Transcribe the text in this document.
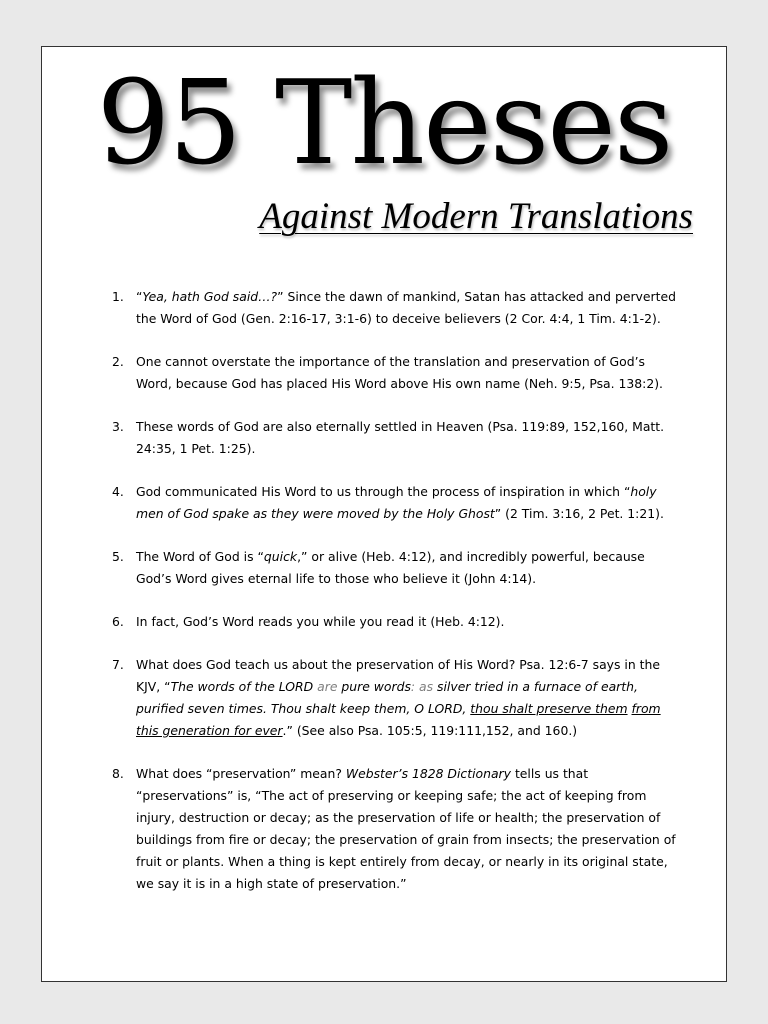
95 Theses
Against Modern Translations
1. “Yea, hath God said…?” Since the dawn of mankind, Satan has attacked and perverted the Word of God (Gen. 2:16-17, 3:1-6) to deceive believers (2 Cor. 4:4, 1 Tim. 4:1-2).
2. One cannot overstate the importance of the translation and preservation of God’s Word, because God has placed His Word above His own name (Neh. 9:5, Psa. 138:2).
3. These words of God are also eternally settled in Heaven (Psa. 119:89, 152,160, Matt. 24:35, 1 Pet. 1:25).
4. God communicated His Word to us through the process of inspiration in which “holy men of God spake as they were moved by the Holy Ghost” (2 Tim. 3:16, 2 Pet. 1:21).
5. The Word of God is “quick,” or alive (Heb. 4:12), and incredibly powerful, because God’s Word gives eternal life to those who believe it (John 4:14).
6. In fact, God’s Word reads you while you read it (Heb. 4:12).
7. What does God teach us about the preservation of His Word? Psa. 12:6-7 says in the KJV, “The words of the LORD are pure words: as silver tried in a furnace of earth, purified seven times. Thou shalt keep them, O LORD, thou shalt preserve them from this generation for ever.” (See also Psa. 105:5, 119:111,152, and 160.)
8. What does “preservation” mean? Webster’s 1828 Dictionary tells us that “preservations” is, “The act of preserving or keeping safe; the act of keeping from injury, destruction or decay; as the preservation of life or health; the preservation of buildings from fire or decay; the preservation of grain from insects; the preservation of fruit or plants. When a thing is kept entirely from decay, or nearly in its original state, we say it is in a high state of preservation.”
